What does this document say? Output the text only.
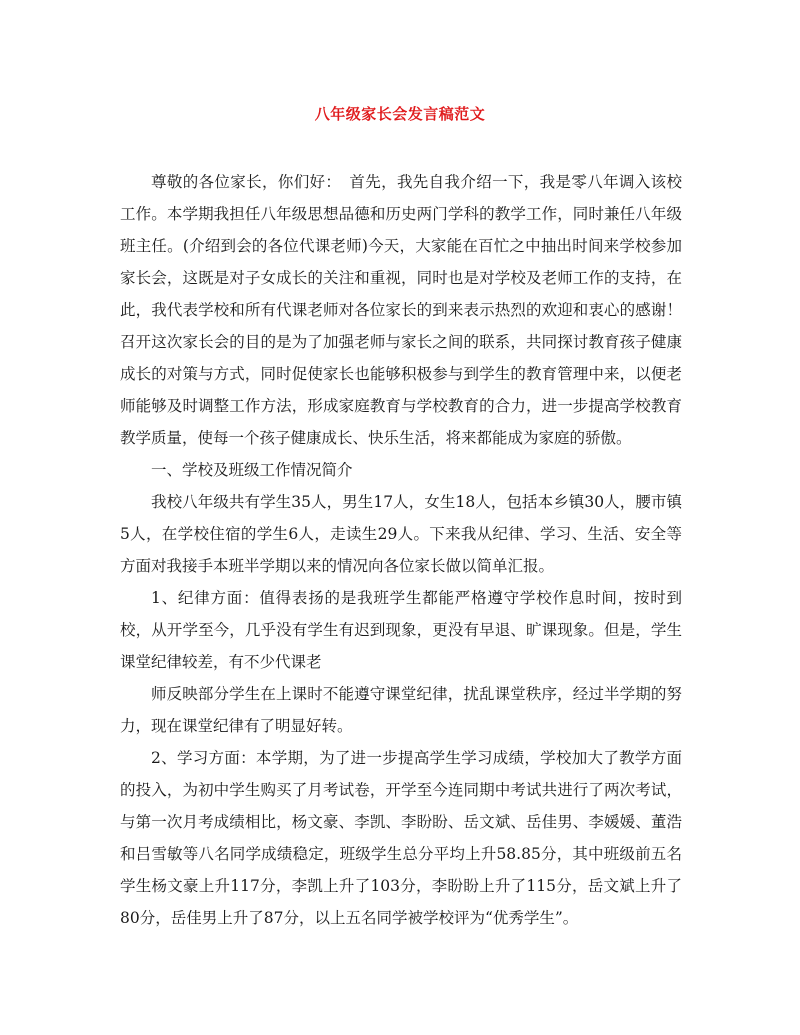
八年级家长会发言稿范文

尊敬的各位家长，你们好：　首先，我先自我介绍一下，我是零八年调入该校工作。本学期我担任八年级思想品德和历史两门学科的教学工作，同时兼任八年级班主任。(介绍到会的各位代课老师)今天，大家能在百忙之中抽出时间来学校参加家长会，这既是对子女成长的关注和重视，同时也是对学校及老师工作的支持，在此，我代表学校和所有代课老师对各位家长的到来表示热烈的欢迎和衷心的感谢！　召开这次家长会的目的是为了加强老师与家长之间的联系，共同探讨教育孩子健康成长的对策与方式，同时促使家长也能够积极参与到学生的教育管理中来，以便老师能够及时调整工作方法，形成家庭教育与学校教育的合力，进一步提高学校教育教学质量，使每一个孩子健康成长、快乐生活，将来都能成为家庭的骄傲。

一、学校及班级工作情况简介

我校八年级共有学生35人，男生17人，女生18人，包括本乡镇30人，腰市镇5人，在学校住宿的学生6人，走读生29人。下来我从纪律、学习、生活、安全等方面对我接手本班半学期以来的情况向各位家长做以简单汇报。

1、纪律方面：值得表扬的是我班学生都能严格遵守学校作息时间，按时到校，从开学至今，几乎没有学生有迟到现象，更没有早退、旷课现象。但是，学生课堂纪律较差，有不少代课老

师反映部分学生在上课时不能遵守课堂纪律，扰乱课堂秩序，经过半学期的努力，现在课堂纪律有了明显好转。

2、学习方面：本学期，为了进一步提高学生学习成绩，学校加大了教学方面的投入，为初中学生购买了月考试卷，开学至今连同期中考试共进行了两次考试，与第一次月考成绩相比，杨文豪、李凯、李盼盼、岳文斌、岳佳男、李媛媛、董浩和吕雪敏等八名同学成绩稳定，班级学生总分平均上升58.85分，其中班级前五名学生杨文豪上升117分，李凯上升了103分，李盼盼上升了115分，岳文斌上升了80分，岳佳男上升了87分，以上五名同学被学校评为“优秀学生”。
